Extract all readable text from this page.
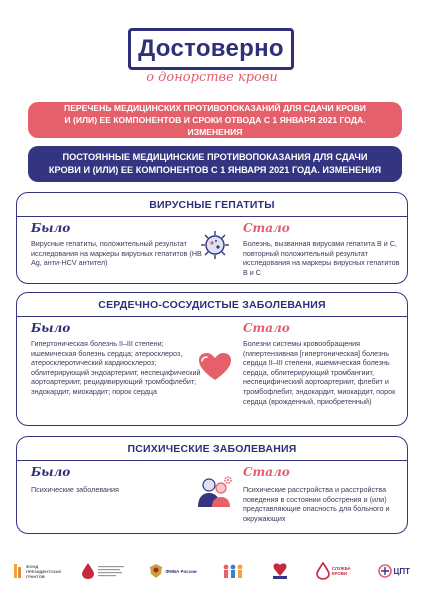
Достоверно
о донорстве крови
ПЕРЕЧЕНЬ МЕДИЦИНСКИХ ПРОТИВОПОКАЗАНИЙ ДЛЯ СДАЧИ КРОВИ
И (ИЛИ) ЕЕ КОМПОНЕНТОВ И СРОКИ ОТВОДА С 1 ЯНВАРЯ 2021 ГОДА. ИЗМЕНЕНИЯ
ПОСТОЯННЫЕ МЕДИЦИНСКИЕ ПРОТИВОПОКАЗАНИЯ ДЛЯ СДАЧИ
КРОВИ И (ИЛИ) ЕЕ КОМПОНЕНТОВ С 1 ЯНВАРЯ 2021 ГОДА. ИЗМЕНЕНИЯ
ВИРУСНЫЕ ГЕПАТИТЫ
Было
Вирусные гепатиты, положительный результат исследования на маркеры вирусных гепатитов (HB Ag, анти-HCV антител)
Стало
Болезнь, вызванная вирусами гепатита В и С, повторный положительный результат исследования на маркеры вирусных гепатитов В и С
СЕРДЕЧНО-СОСУДИСТЫЕ ЗАБОЛЕВАНИЯ
Было
Гипертоническая болезнь II–III степени; ишемическая болезнь сердца; атеросклероз, атеросклеротический кардиосклероз; облитерирующий эндоартериит, неспецифический аортоартериит, рецидивирующий тромбофлебит; эндокардит, миокардит; порок сердца
Стало
Болезни системы кровообращения (гипертензивная [гипертоническая] болезнь сердца II–III степени, ишемическая болезнь сердца, облитерирующий тромбангиит, неспецифический аортоартериит, флебит и тромбофлебит, эндокардит, миокардит, порок сердца (врожденный, приобретенный)
ПСИХИЧЕСКИЕ ЗАБОЛЕВАНИЯ
Было
Психические заболевания
Стало
Психические расстройства и расстройства поведения в состоянии обострения и (или) представляющие опасность для больного и окружающих
ФОНД ПРЕЗИДЕНТСКИХ ГРАНТОВ
ФМБА России	СЛУЖБА КРОВИ	ЦПТ
